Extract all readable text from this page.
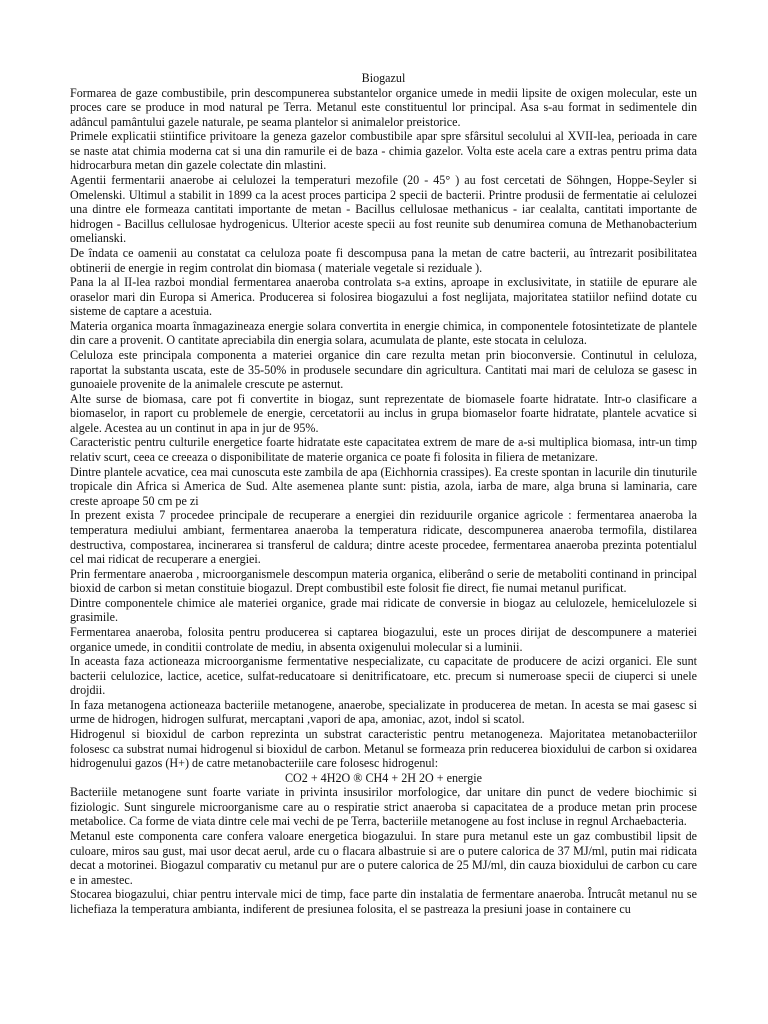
Biogazul

Formarea de gaze combustibile, prin descompunerea substantelor organice umede in medii lipsite de oxigen molecular, este un proces care se produce in mod natural pe Terra. Metanul este constituentul lor principal. Asa s-au format in sedimentele din adâncul pamântului gazele naturale, pe seama plantelor si animalelor preistorice.

Primele explicatii stiintifice privitoare la geneza gazelor combustibile apar spre sfârsitul secolului al XVII-lea, perioada in care se naste atat chimia moderna cat si una din ramurile ei de baza - chimia gazelor. Volta este acela care a extras pentru prima data hidrocarbura metan din gazele colectate din mlastini.

Agentii fermentarii anaerobe ai celulozei la temperaturi mezofile (20 - 45° ) au fost cercetati de Söhngen, Hoppe-Seyler si Omelenski. Ultimul a stabilit in 1899 ca la acest proces participa 2 specii de bacterii. Printre produsii de fermentatie ai celulozei una dintre ele formeaza cantitati importante de metan - Bacillus cellulosae methanicus - iar cealalta, cantitati importante de hidrogen - Bacillus cellulosae hydrogenicus. Ulterior aceste specii au fost reunite sub denumirea comuna de Methanobacterium omelianski.

De îndata ce oamenii au constatat ca celuloza poate fi descompusa pana la metan de catre bacterii, au întrezarit posibilitatea obtinerii de energie in regim controlat din biomasa ( materiale vegetale si reziduale ).

Pana la al II-lea razboi mondial fermentarea anaeroba controlata s-a extins, aproape in exclusivitate, in statiile de epurare ale oraselor mari din Europa si America. Producerea si folosirea biogazului a fost neglijata, majoritatea statiilor nefiind dotate cu sisteme de captare a acestuia.

Materia organica moarta înmagazineaza energie solara convertita in energie chimica, in componentele fotosintetizate de plantele din care a provenit. O cantitate apreciabila din energia solara, acumulata de plante, este stocata in celuloza.

Celuloza este principala componenta a materiei organice din care rezulta metan prin bioconversie. Continutul in celuloza, raportat la substanta uscata, este de 35-50% in produsele secundare din agricultura. Cantitati mai mari de celuloza se gasesc in gunoaiele provenite de la animalele crescute pe asternut.

Alte surse de biomasa, care pot fi convertite in biogaz, sunt reprezentate de biomasele foarte hidratate. Intr-o clasificare a biomaselor, in raport cu problemele de energie, cercetatorii au inclus in grupa biomaselor foarte hidratate, plantele acvatice si algele. Acestea au un continut in apa in jur de 95%.

Caracteristic pentru culturile energetice foarte hidratate este capacitatea extrem de mare de a-si multiplica biomasa, intr-un timp relativ scurt, ceea ce creeaza o disponibilitate de materie organica ce poate fi folosita in filiera de metanizare.

Dintre plantele acvatice, cea mai cunoscuta este zambila de apa (Eichhornia crassipes). Ea creste spontan in lacurile din tinuturile tropicale din Africa si America de Sud. Alte asemenea plante sunt: pistia, azola, iarba de mare, alga bruna si laminaria, care creste aproape 50 cm pe zi

In prezent exista 7 procedee principale de recuperare a energiei din reziduurile organice agricole : fermentarea anaeroba la temperatura mediului ambiant, fermentarea anaeroba la temperatura ridicate, descompunerea anaeroba termofila, distilarea destructiva, compostarea, incinerarea si transferul de caldura; dintre aceste procedee, fermentarea anaeroba prezinta potentialul cel mai ridicat de recuperare a energiei.

Prin fermentare anaeroba , microorganismele descompun materia organica, eliberând o serie de metaboliti continand in principal bioxid de carbon si metan constituie biogazul. Drept combustibil este folosit fie direct, fie numai metanul purificat.

Dintre componentele chimice ale materiei organice, grade mai ridicate de conversie in biogaz au celulozele, hemicelulozele si grasimile.

Fermentarea anaeroba, folosita pentru producerea si captarea biogazului, este un proces dirijat de descompunere a materiei organice umede, in conditii controlate de mediu, in absenta oxigenului molecular si a luminii.

In aceasta faza actioneaza microorganisme fermentative nespecializate, cu capacitate de producere de acizi organici. Ele sunt bacterii celulozice, lactice, acetice, sulfat-reducatoare si denitrificatoare, etc. precum si numeroase specii de ciuperci si unele drojdii.

In faza metanogena actioneaza bacteriile metanogene, anaerobe, specializate in producerea de metan. In acesta se mai gasesc si urme de hidrogen, hidrogen sulfurat, mercaptani ,vapori de apa, amoniac, azot, indol si scatol.

Hidrogenul si bioxidul de carbon reprezinta un substrat caracteristic pentru metanogeneza. Majoritatea metanobacteriilor folosesc ca substrat numai hidrogenul si bioxidul de carbon. Metanul se formeaza prin reducerea bioxidului de carbon si oxidarea hidrogenului gazos (H+) de catre metanobacteriile care folosesc hidrogenul:

CO2 + 4H2O ® CH4 + 2H 2O + energie

Bacteriile metanogene sunt foarte variate in privinta insusirilor morfologice, dar unitare din punct de vedere biochimic si fiziologic. Sunt singurele microorganisme care au o respiratie strict anaeroba si capacitatea de a produce metan prin procese metabolice. Ca forme de viata dintre cele mai vechi de pe Terra, bacteriile metanogene au fost incluse in regnul Archaebacteria.

Metanul este componenta care confera valoare energetica biogazului. In stare pura metanul este un gaz combustibil lipsit de culoare, miros sau gust, mai usor decat aerul, arde cu o flacara albastruie si are o putere calorica de 37 MJ/ml, putin mai ridicata decat a motorinei. Biogazul comparativ cu metanul pur are o putere calorica de 25 MJ/ml, din cauza bioxidului de carbon cu care e in amestec.

Stocarea biogazului, chiar pentru intervale mici de timp, face parte din instalatia de fermentare anaeroba. Întrucât metanul nu se lichefiaza la temperatura ambianta, indiferent de presiunea folosita, el se pastreaza la presiuni joase in containere cu
